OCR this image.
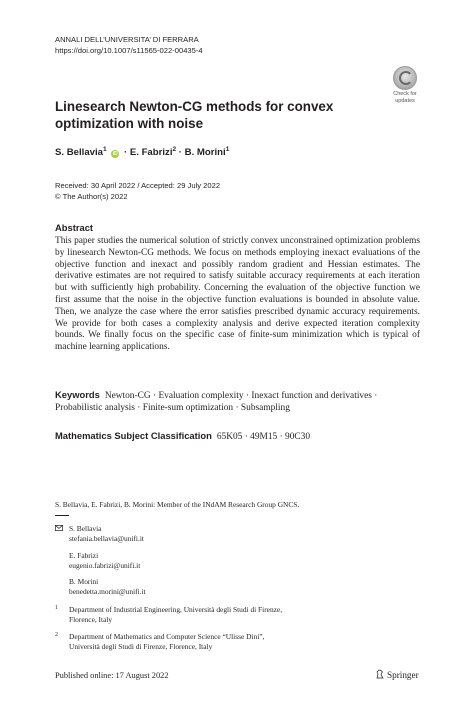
ANNALI DELL’UNIVERSITA’ DI FERRARA
https://doi.org/10.1007/s11565-022-00435-4
Check for
updates
Linesearch Newton-CG methods for convex optimization with noise
S. Bellavia$^1$ iD · E. Fabrizi$^2$ · B. Morini$^1$
Received: 30 April 2022 / Accepted: 29 July 2022
© The Author(s) 2022
Abstract
This paper studies the numerical solution of strictly convex unconstrained optimization problems by linesearch Newton-CG methods. We focus on methods employing inexact evaluations of the objective function and inexact and possibly random gradient and Hessian estimates. The derivative estimates are not required to satisfy suitable accuracy requirements at each iteration but with sufficiently high probability. Concerning the evaluation of the objective function we first assume that the noise in the objective function evaluations is bounded in absolute value. Then, we analyze the case where the error satisfies prescribed dynamic accuracy requirements. We provide for both cases a complexity analysis and derive expected iteration complexity bounds. We finally focus on the specific case of finite-sum minimization which is typical of machine learning applications.
Keywords Newton-CG · Evaluation complexity · Inexact function and derivatives · Probabilistic analysis · Finite-sum optimization · Subsampling
Mathematics Subject Classification 65K05 · 49M15 · 90C30
S. Bellavia, E. Fabrizi, B. Morini: Member of the INdAM Research Group GNCS.
S. Bellavia
stefania.bellavia@unifi.it
E. Fabrizi
eugenio.fabrizi@unifi.it
B. Morini
benedetta.morini@unifi.it
1 Department of Industrial Engineering, Università degli Studi di Firenze,
Florence, Italy
2 Department of Mathematics and Computer Science “Ulisse Dini”,
Università degli Studi di Firenze, Florence, Italy
Published online: 17 August 2022	Springer
